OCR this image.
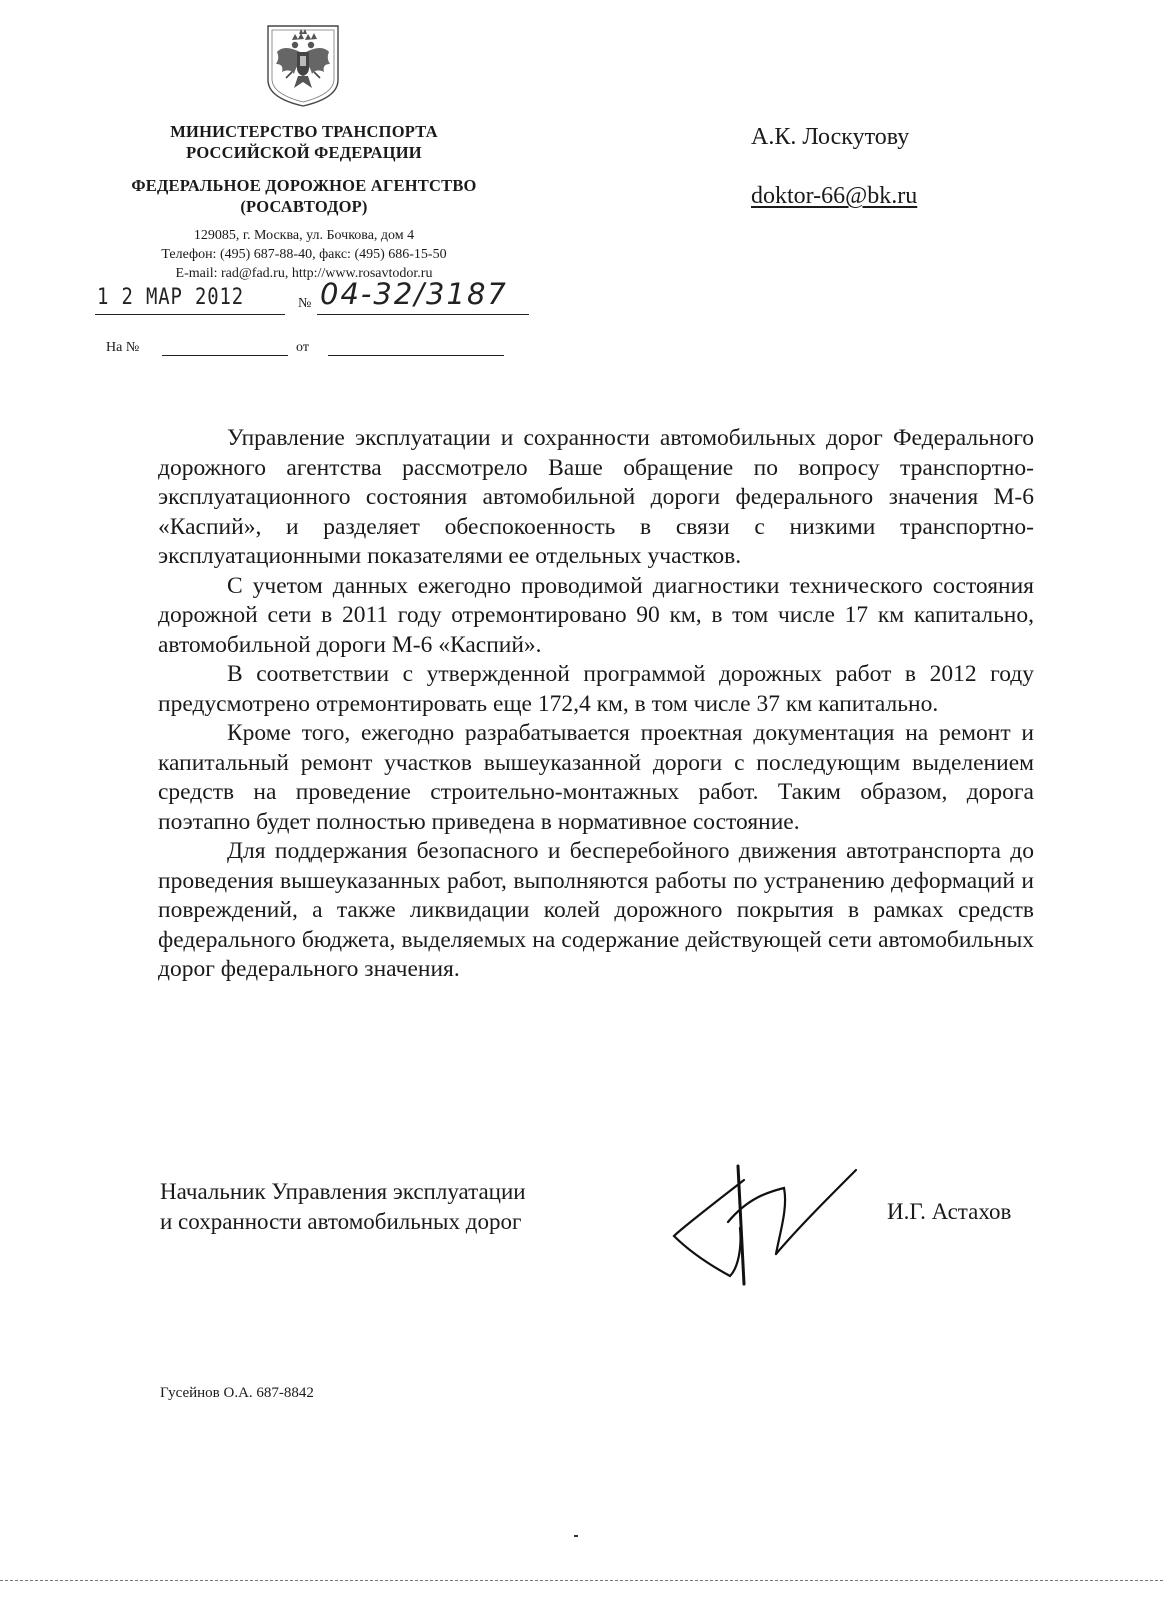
МИНИСТЕРСТВО ТРАНСПОРТА

РОССИЙСКОЙ ФЕДЕРАЦИИ

ФЕДЕРАЛЬНОЕ ДОРОЖНОЕ АГЕНТСТВО

(РОСАВТОДОР)

129085, г. Москва, ул. Бочкова, дом 4

Телефон: (495) 687-88-40, факс: (495) 686-15-50

E-mail: rad@fad.ru, http://www.rosavtodor.ru

1 2 МАР 2012	№ 04-32/3187
На №	от
А.К. Лоскутову
doktor-66@bk.ru

Управление эксплуатации и сохранности автомобильных дорог Федерального дорожного агентства рассмотрело Ваше обращение по вопросу транспортно-эксплуатационного состояния автомобильной дороги федерального значения М-6 «Каспий», и разделяет обеспокоенность в связи с низкими транспортно-эксплуатационными показателями ее отдельных участков.

С учетом данных ежегодно проводимой диагностики технического состояния дорожной сети в 2011 году отремонтировано 90 км, в том числе 17 км капитально, автомобильной дороги М-6 «Каспий».

В соответствии с утвержденной программой дорожных работ в 2012 году предусмотрено отремонтировать еще 172,4 км, в том числе 37 км капитально.

Кроме того, ежегодно разрабатывается проектная документация на ремонт и капитальный ремонт участков вышеуказанной дороги с последующим выделением средств на проведение строительно-монтажных работ. Таким образом, дорога поэтапно будет полностью приведена в нормативное состояние.

Для поддержания безопасного и бесперебойного движения автотранспорта до проведения вышеуказанных работ, выполняются работы по устранению деформаций и повреждений, а также ликвидации колей дорожного покрытия в рамках средств федерального бюджета, выделяемых на содержание действующей сети автомобильных дорог федерального значения.

Начальник Управления эксплуатации
и сохранности автомобильных дорог	И.Г. Астахов
Гусейнов О.А. 687-8842
